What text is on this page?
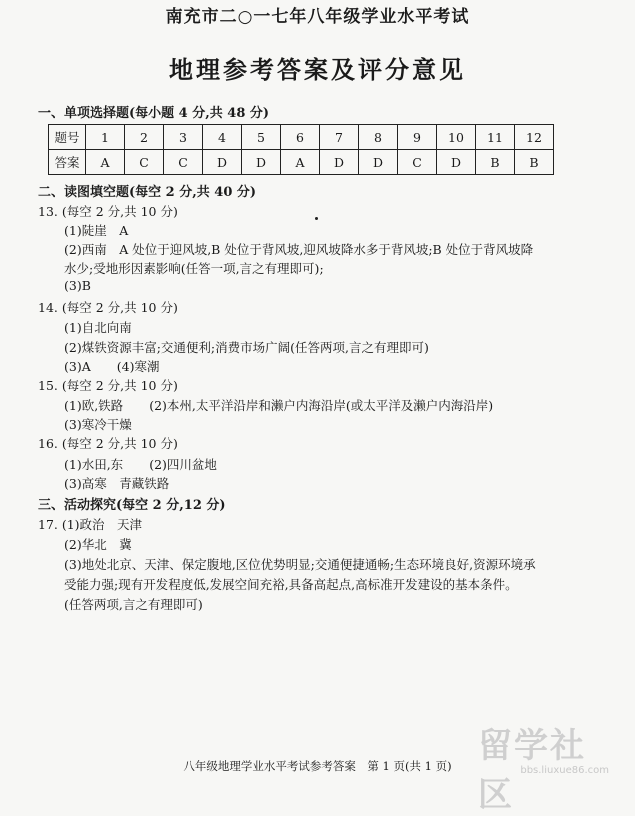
南充市二○一七年八年级学业水平考试
地理参考答案及评分意见
一、单项选择题(每小题 4 分,共 48 分)
题号	1	2	3	4	5	6	7	8	9	10	11	12
答案	A	C	C	D	D	A	D	D	C	D	B	B
二、读图填空题(每空 2 分,共 40 分)
13. (每空 2 分,共 10 分)
(1)陡崖　A
(2)西南　A 处位于迎风坡,B 处位于背风坡,迎风坡降水多于背风坡;B 处位于背风坡降
水少;受地形因素影响(任答一项,言之有理即可);
(3)B
14. (每空 2 分,共 10 分)
(1)自北向南
(2)煤铁资源丰富;交通便利;消费市场广阔(任答两项,言之有理即可)
(3)A (4)寒潮
15. (每空 2 分,共 10 分)
(1)欧,铁路 (2)本州,太平洋沿岸和濑户内海沿岸(或太平洋及濑户内海沿岸)
(3)寒冷干燥
16. (每空 2 分,共 10 分)
(1)水田,东 (2)四川盆地
(3)高寒　青藏铁路
三、活动探究(每空 2 分,12 分)
17. (1)政治　天津
(2)华北　冀
(3)地处北京、天津、保定腹地,区位优势明显;交通便捷通畅;生态环境良好,资源环境承
受能力强;现有开发程度低,发展空间充裕,具备高起点,高标准开发建设的基本条件。
(任答两项,言之有理即可)
八年级地理学业水平考试参考答案　第 1 页(共 1 页) 留学社区
bbs.liuxue86.com
